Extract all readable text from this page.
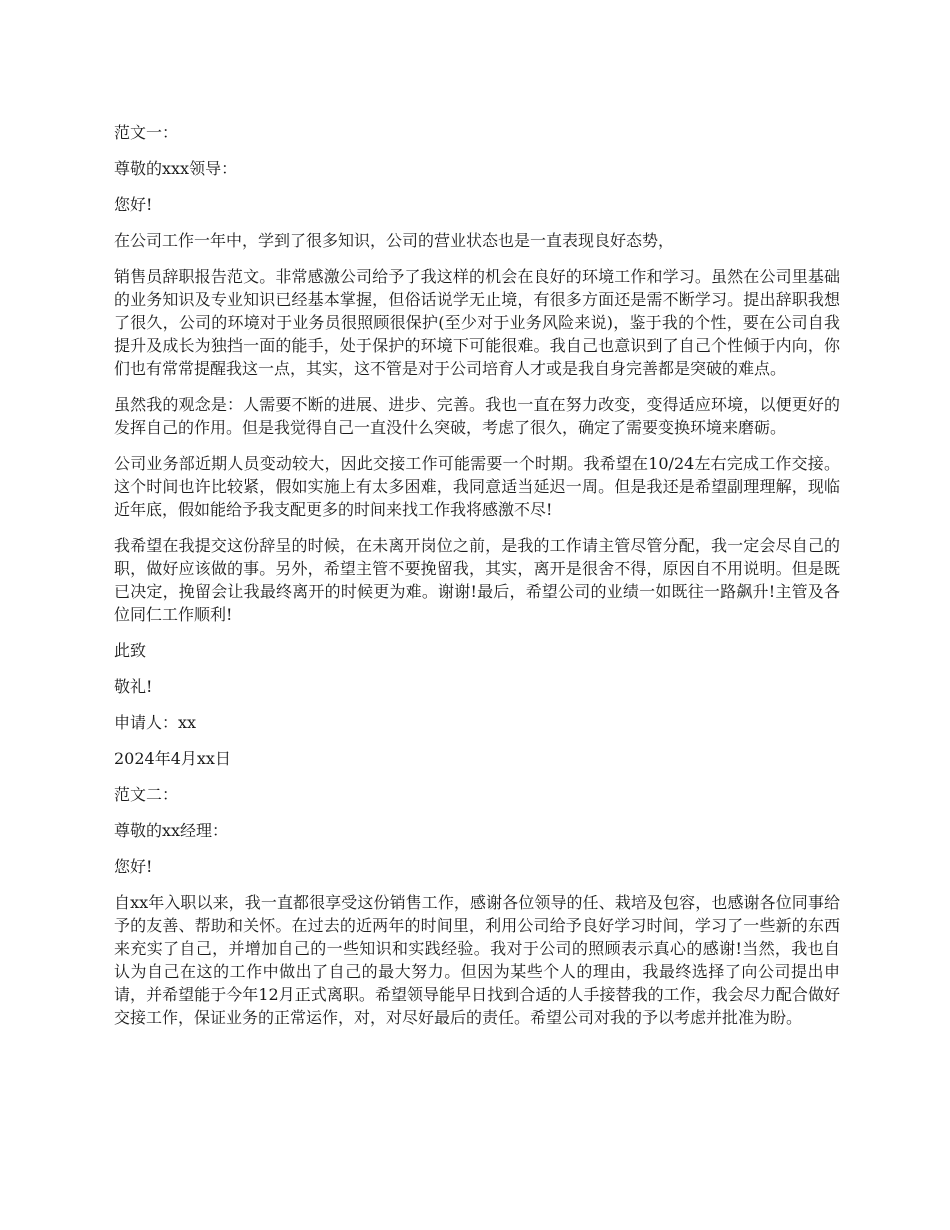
范文一：

尊敬的xxx领导：

您好!

在公司工作一年中，学到了很多知识，公司的营业状态也是一直表现良好态势，

销售员辞职报告范文。非常感激公司给予了我这样的机会在良好的环境工作和学习。虽然在公司里基础的业务知识及专业知识已经基本掌握，但俗话说学无止境，有很多方面还是需不断学习。提出辞职我想了很久，公司的环境对于业务员很照顾很保护(至少对于业务风险来说)，鉴于我的个性，要在公司自我提升及成长为独挡一面的能手，处于保护的环境下可能很难。我自己也意识到了自己个性倾于内向，你们也有常常提醒我这一点，其实，这不管是对于公司培育人才或是我自身完善都是突破的难点。

虽然我的观念是：人需要不断的进展、进步、完善。我也一直在努力改变，变得适应环境，以便更好的发挥自己的作用。但是我觉得自己一直没什么突破，考虑了很久，确定了需要变换环境来磨砺。

公司业务部近期人员变动较大，因此交接工作可能需要一个时期。我希望在10/24左右完成工作交接。这个时间也许比较紧，假如实施上有太多困难，我同意适当延迟一周。但是我还是希望副理理解，现临近年底，假如能给予我支配更多的时间来找工作我将感激不尽!

我希望在我提交这份辞呈的时候，在未离开岗位之前，是我的工作请主管尽管分配，我一定会尽自己的职，做好应该做的事。另外，希望主管不要挽留我，其实，离开是很舍不得，原因自不用说明。但是既已决定，挽留会让我最终离开的时候更为难。谢谢!最后，希望公司的业绩一如既往一路飙升!主管及各位同仁工作顺利!

此致

敬礼!

申请人：xx

2024年4月xx日

范文二：

尊敬的xx经理：

您好!

自xx年入职以来，我一直都很享受这份销售工作，感谢各位领导的任、栽培及包容，也感谢各位同事给予的友善、帮助和关怀。在过去的近两年的时间里，利用公司给予良好学习时间，学习了一些新的东西来充实了自己，并增加自己的一些知识和实践经验。我对于公司的照顾表示真心的感谢!当然，我也自认为自己在这的工作中做出了自己的最大努力。但因为某些个人的理由，我最终选择了向公司提出申请，并希望能于今年12月正式离职。希望领导能早日找到合适的人手接替我的工作，我会尽力配合做好交接工作，保证业务的正常运作，对，对尽好最后的责任。希望公司对我的予以考虑并批准为盼。
